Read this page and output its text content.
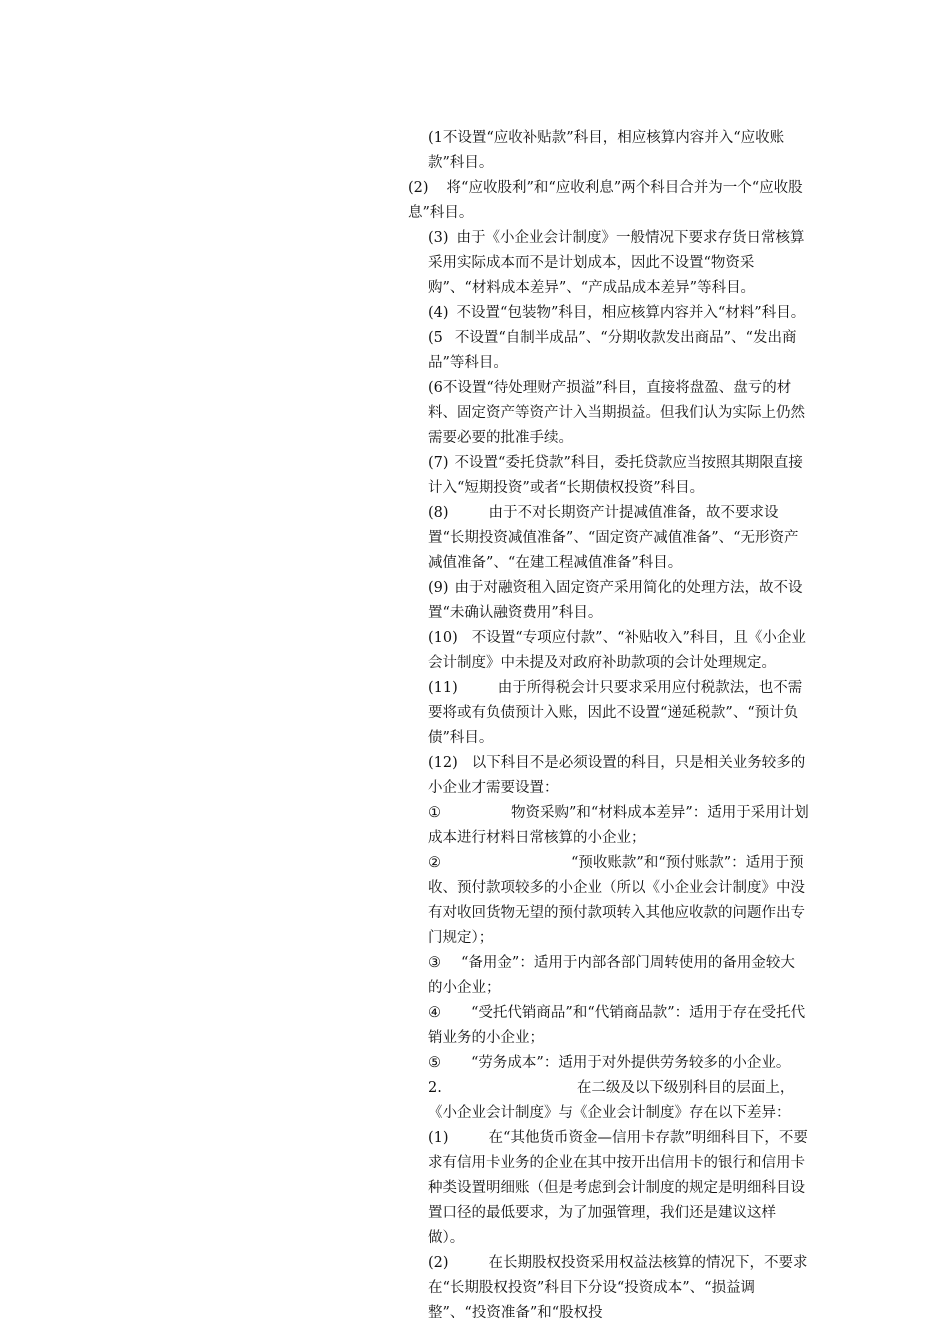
(1不设置“应收补贴款”科目，相应核算内容并入“应收账款”科目。

(2) 将“应收股利”和“应收利息”两个科目合并为一个“应收股息”科目。

(3) 由于《小企业会计制度》一般情况下要求存货日常核算采用实际成本而不是计划成本，因此不设置“物资采购”、“材料成本差异”、“产成品成本差异”等科目。

(4) 不设置“包装物”科目，相应核算内容并入“材料”科目。

(5 不设置“自制半成品”、“分期收款发出商品”、“发出商品”等科目。

(6不设置“待处理财产损溢”科目，直接将盘盈、盘亏的材料、固定资产等资产计入当期损益。但我们认为实际上仍然需要必要的批准手续。

(7) 不设置“委托贷款”科目，委托贷款应当按照其期限直接计入“短期投资”或者“长期债权投资”科目。

(8)	由于不对长期资产计提减值准备，故不要求设置“长期投资减值准备”、“固定资产减值准备”、“无形资产减值准备”、“在建工程减值准备”科目。

(9) 由于对融资租入固定资产采用简化的处理方法，故不设置“未确认融资费用”科目。

(10) 不设置“专项应付款”、“补贴收入”科目，且《小企业会计制度》中未提及对政府补助款项的会计处理规定。

(11)	由于所得税会计只要求采用应付税款法，也不需要将或有负债预计入账，因此不设置“递延税款”、“预计负债”科目。

(12) 以下科目不是必须设置的科目，只是相关业务较多的小企业才需要设置：

①	物资采购”和“材料成本差异”：适用于采用计划成本进行材料日常核算的小企业；

②	“预收账款”和“预付账款”：适用于预收、预付款项较多的小企业（所以《小企业会计制度》中没有对收回货物无望的预付款项转入其他应收款的问题作出专门规定）；

③ “备用金”：适用于内部各部门周转使用的备用金较大的小企业；

④ “受托代销商品”和“代销商品款”：适用于存在受托代销业务的小企业；

⑤ “劳务成本”：适用于对外提供劳务较多的小企业。

2.	在二级及以下级别科目的层面上，《小企业会计制度》与《企业会计制度》存在以下差异：

(1)	在“其他货币资金—信用卡存款”明细科目下，不要求有信用卡业务的企业在其中按开出信用卡的银行和信用卡种类设置明细账（但是考虑到会计制度的规定是明细科目设置口径的最低要求，为了加强管理，我们还是建议这样做）。

(2)	在长期股权投资采用权益法核算的情况下，不要求在“长期股权投资”科目下分设“投资成本”、“损益调整”、“投资准备”和“股权投
